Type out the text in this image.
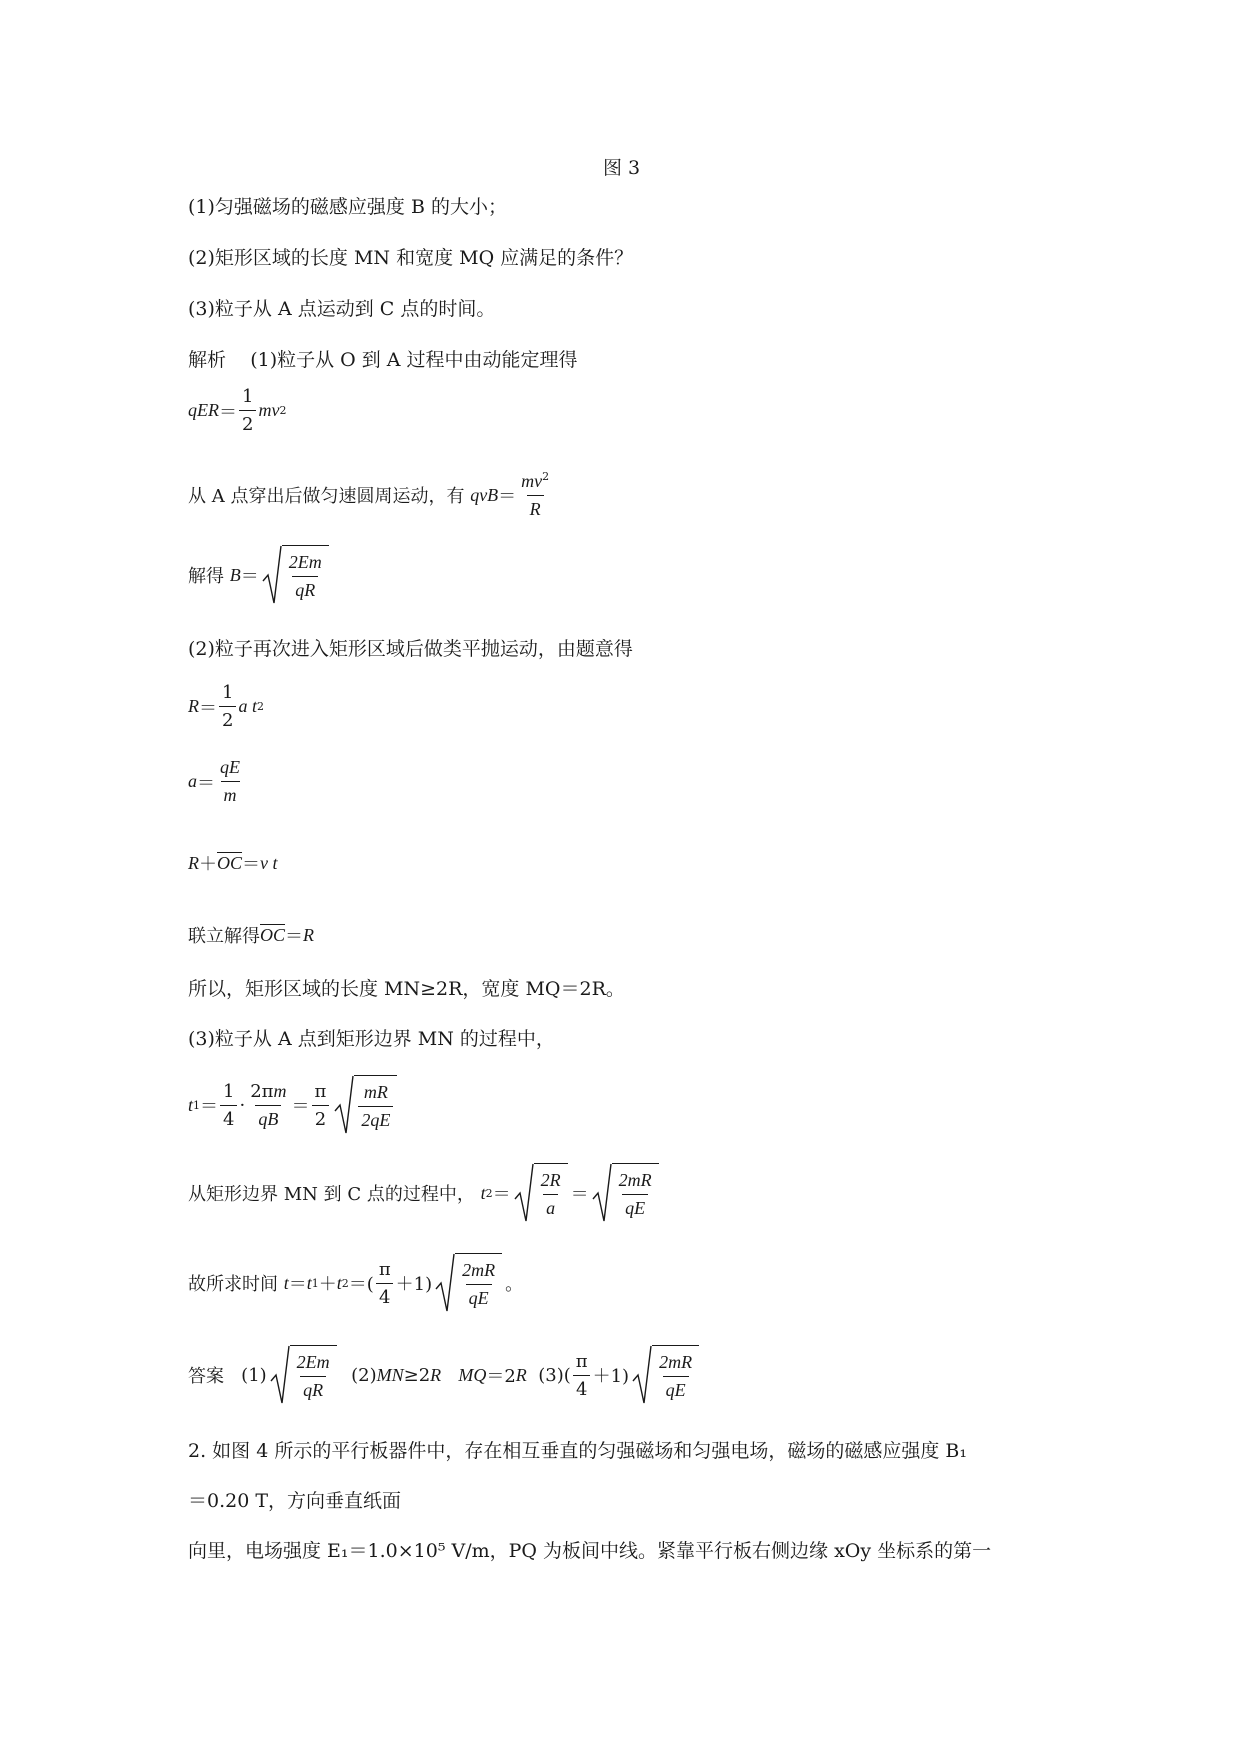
图 3
(1)匀强磁场的磁感应强度 B 的大小；
(2)矩形区域的长度 MN 和宽度 MQ 应满足的条件？
(3)粒子从 A 点运动到 C 点的时间。
解析 (1)粒子从 O 到 A 过程中由动能定理得
qER ＝ $\frac{1}{2}$ mv 2
从 A 点穿出后做匀速圆周运动，有
qvB ＝ $\frac{mv^2}{R}$
解得
$B = \frac{2Em}{qR}$
(2)粒子再次进入矩形区域后做类平抛运动，由题意得
$R = \frac{1}{2}$ a t 2
$a = \frac{qE}{m}$
$R + \overline{OC} = v$ t
联立解得 $\overline{OC} = R$
所以，矩形区域的长度 MN≥2R，宽度 MQ＝2R。
(3)粒子从 A 点到矩形边界 MN 的过程中，
t $1 = \frac{1}{4} \cdot \frac{2\pi m}{qB} = \frac{\pi}{2} \frac{mR}{2qE}$
从矩形边界 MN 到 C 点的过程中，
t $2 = \frac{2R}{a} = \frac{2mR}{qE}$
故所求时间
t ＝ t 1 ＋ t 2 ＝( $\frac{\pi}{4} +1) \frac{2mR}{qE}$ 。
答案 $(1) \frac{2Em}{qR} (2)$ MN ≥2 R
MQ ＝2 R $(3)( \frac{\pi}{4} +1) \frac{2mR}{qE}$
2. 如图 4 所示的平行板器件中，存在相互垂直的匀强磁场和匀强电场，磁场的磁感应强度 B₁
＝0.20 T，方向垂直纸面
向里，电场强度 E₁＝1.0×10⁵ V/m，PQ 为板间中线。紧靠平行板右侧边缘 xOy 坐标系的第一
